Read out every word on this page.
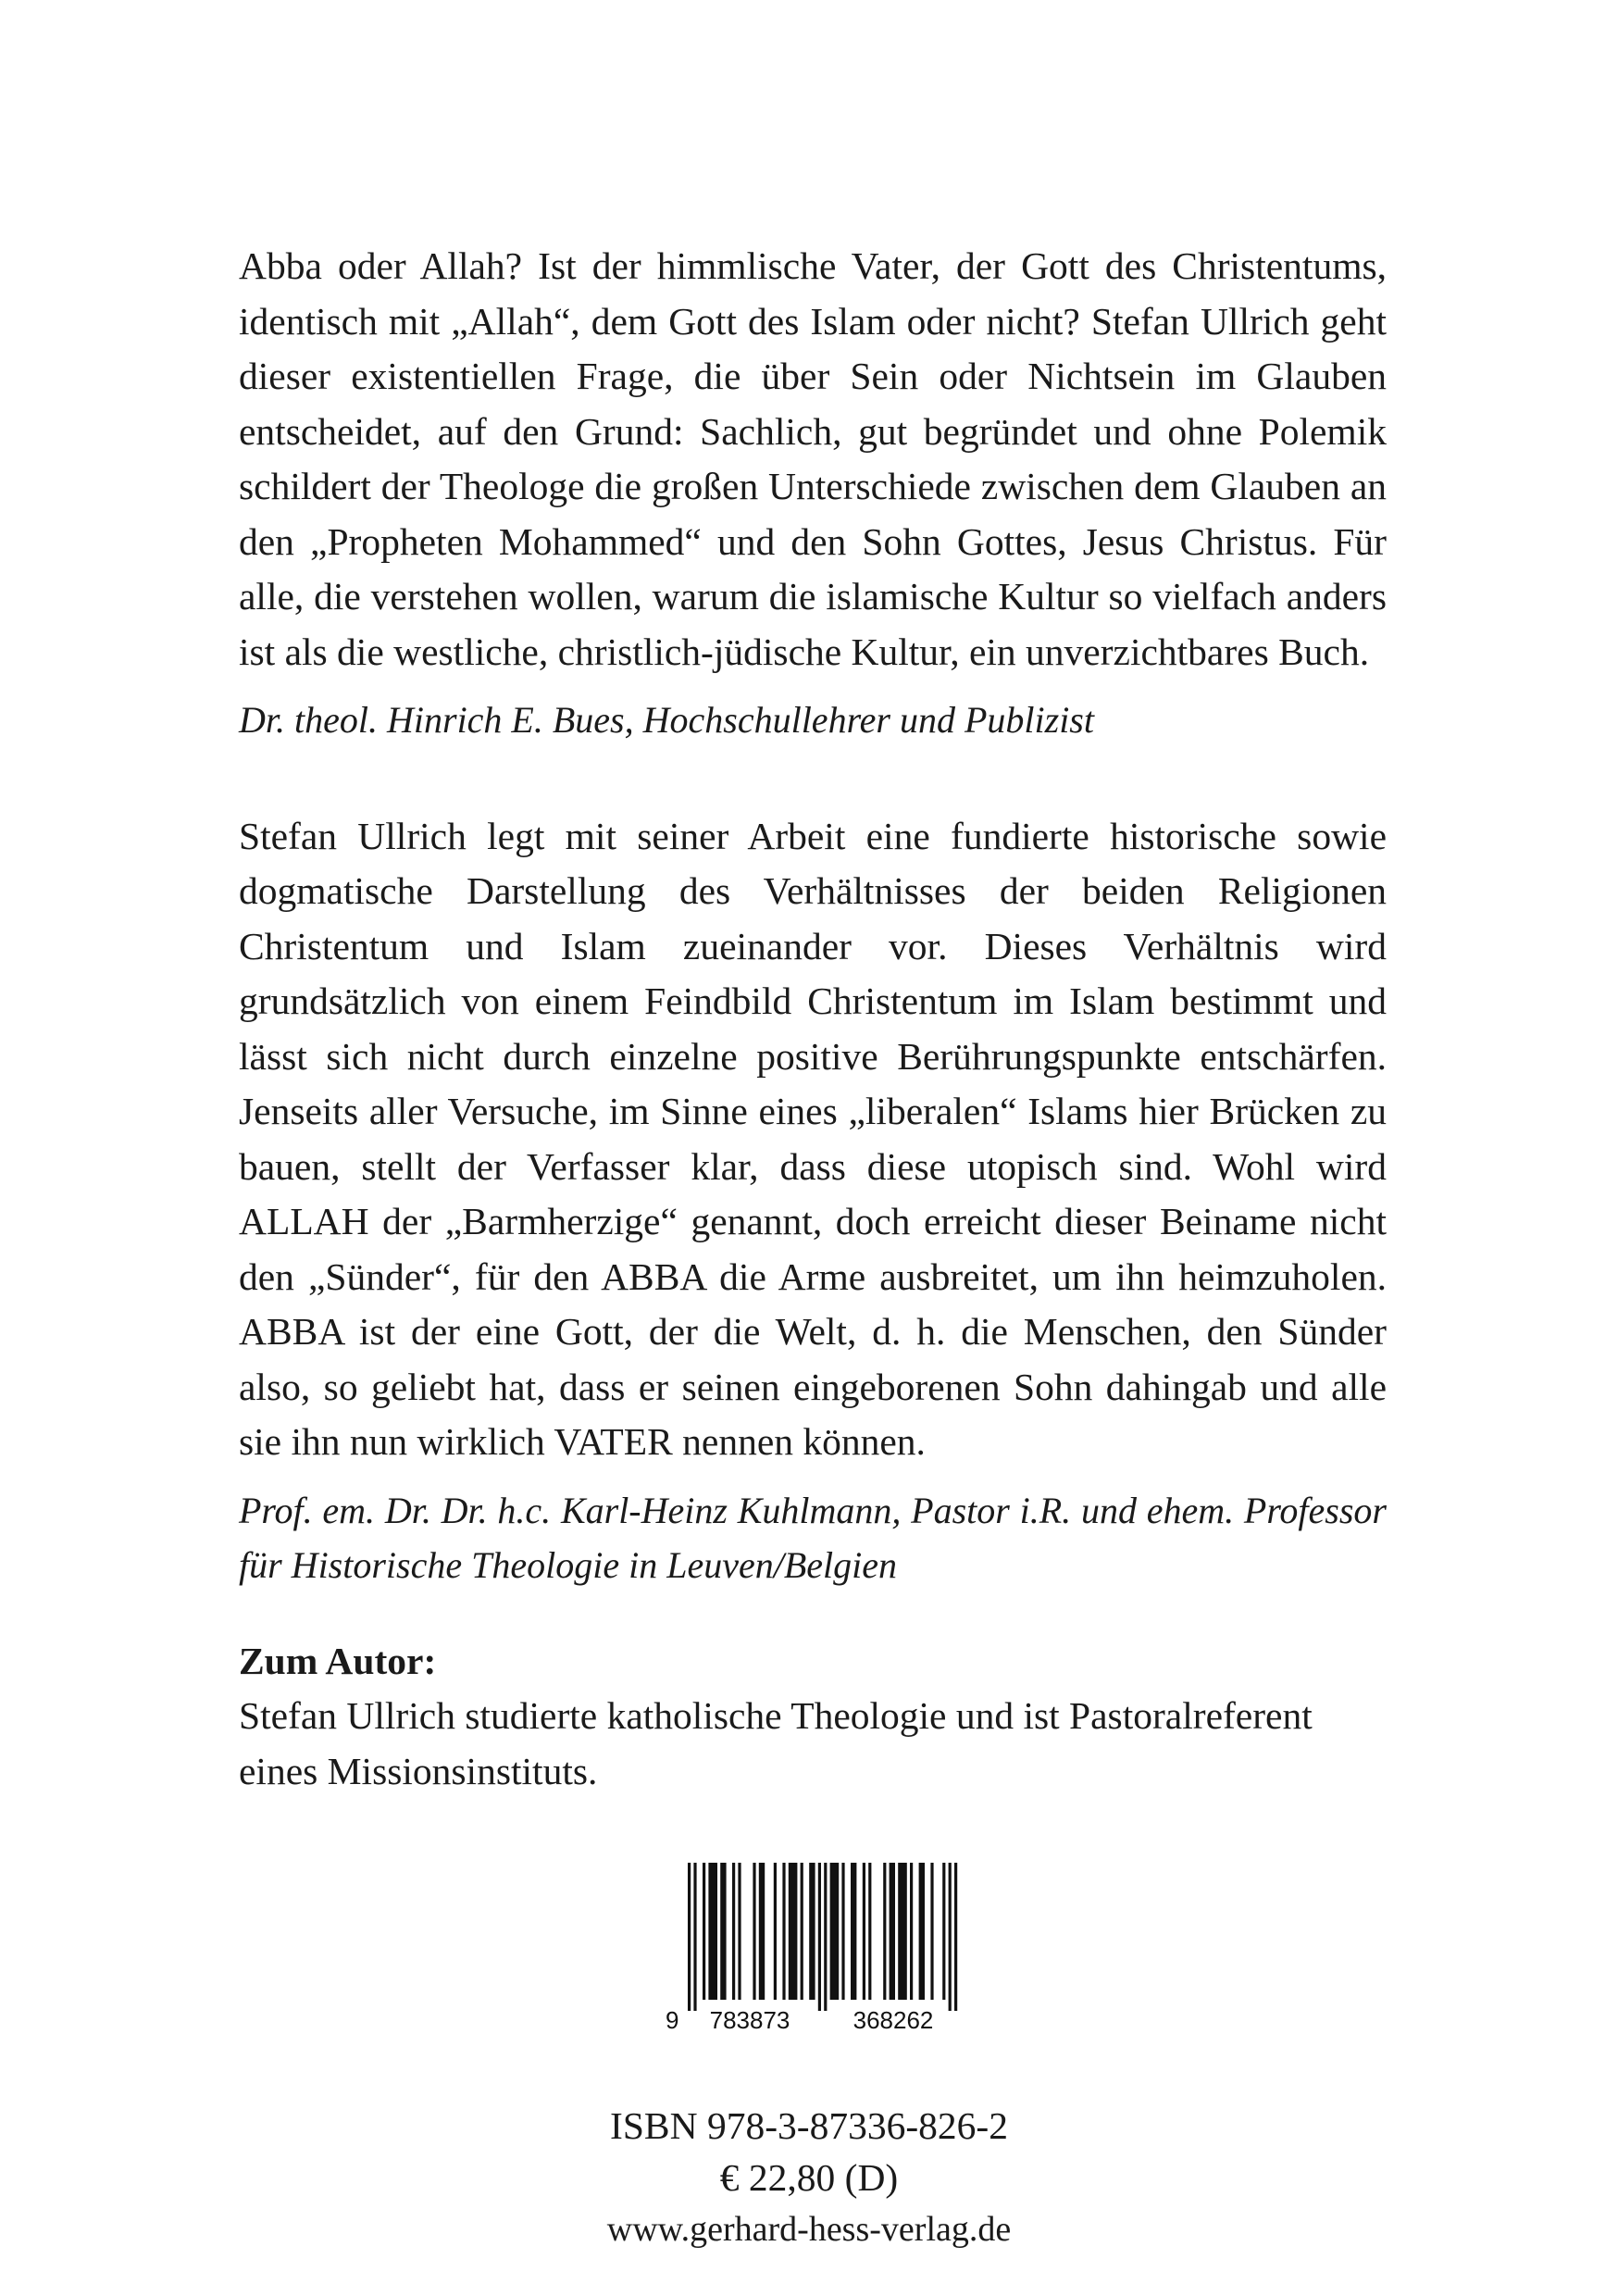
Abba oder Allah? Ist der himmlische Vater, der Gott des Christentums, identisch mit „Allah“, dem Gott des Islam oder nicht? Stefan Ullrich geht dieser existentiellen Frage, die über Sein oder Nichtsein im Glauben entscheidet, auf den Grund: Sachlich, gut begründet und ohne Polemik schildert der Theologe die großen Unterschiede zwischen dem Glauben an den „Propheten Mohammed“ und den Sohn Gottes, Jesus Christus. Für alle, die verstehen wollen, warum die islamische Kultur so vielfach anders ist als die westliche, christlich-jüdische Kultur, ein unverzichtbares Buch.

Dr. theol. Hinrich E. Bues, Hochschullehrer und Publizist

Stefan Ullrich legt mit seiner Arbeit eine fundierte historische sowie dogmatische Darstellung des Verhältnisses der beiden Religionen Christentum und Islam zueinander vor. Dieses Verhältnis wird grundsätzlich von einem Feindbild Christentum im Islam bestimmt und lässt sich nicht durch einzelne positive Berührungspunkte entschärfen. Jenseits aller Versuche, im Sinne eines „liberalen“ Islams hier Brücken zu bauen, stellt der Verfasser klar, dass diese utopisch sind. Wohl wird ALLAH der „Barmherzige“ genannt, doch erreicht dieser Beiname nicht den „Sünder“, für den ABBA die Arme ausbreitet, um ihn heimzuholen. ABBA ist der eine Gott, der die Welt, d. h. die Menschen, den Sünder also, so geliebt hat, dass er seinen eingeborenen Sohn dahingab und alle sie ihn nun wirklich VATER nennen können.

Prof. em. Dr. Dr. h.c. Karl-Heinz Kuhlmann, Pastor i.R. und ehem. Professor für Historische Theologie in Leuven/Belgien

Zum Autor:

Stefan Ullrich studierte katholische Theologie und ist Pastoralreferent eines Missionsinstituts.

9 783873	368262
ISBN 978-3-87336-826-2
€ 22,80 (D)
www.gerhard-hess-verlag.de
